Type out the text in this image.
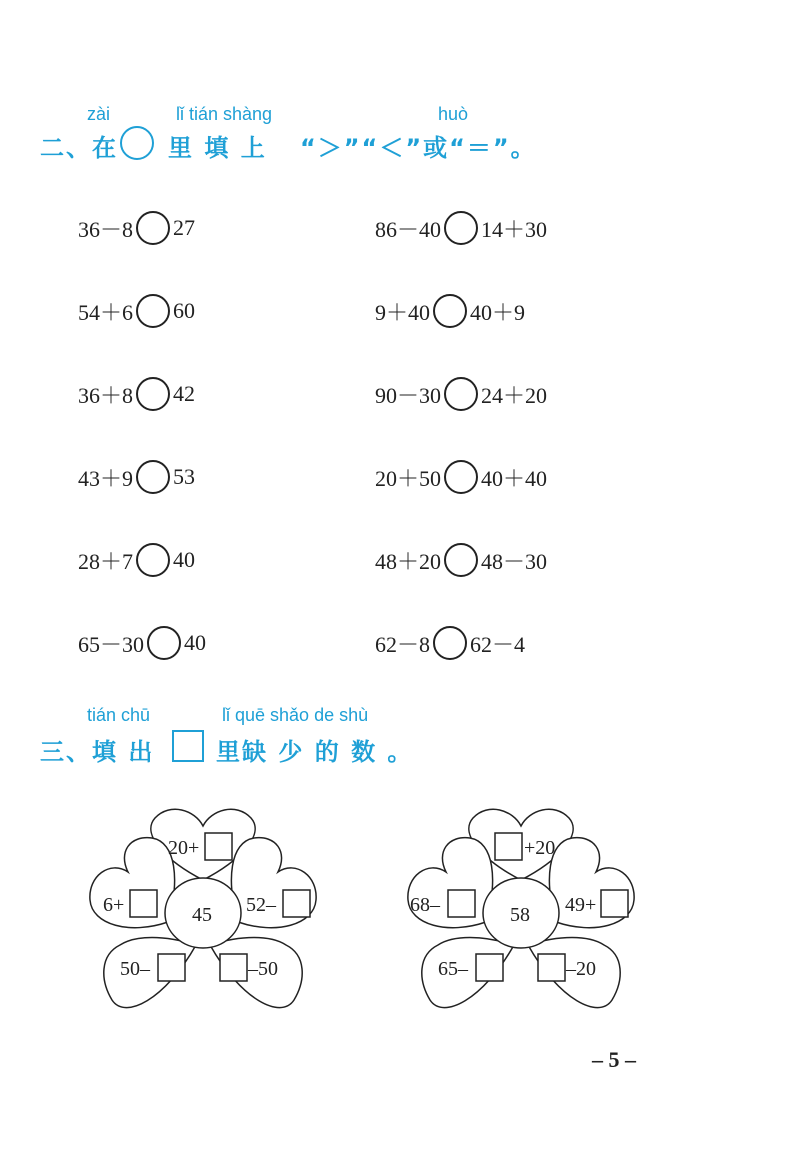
zài	lǐ tián shàng	huò
二、在 里 填 上 “＞”“＜”或“＝”。
36－8 27	86－40 14＋30
54＋6 60	9＋40 40＋9
36＋8 42	90－30 24＋20
43＋9 53	20＋50 40＋40
28＋7 40	48＋20 48－30
65－30 40	62－8 62－4
tián chū	lǐ quē shǎo de shù
三、填 出	里缺 少 的 数 。
20+
6+	52–
50–	–50
45
+20
68–	49+
65–	–20
58
– 5 –
